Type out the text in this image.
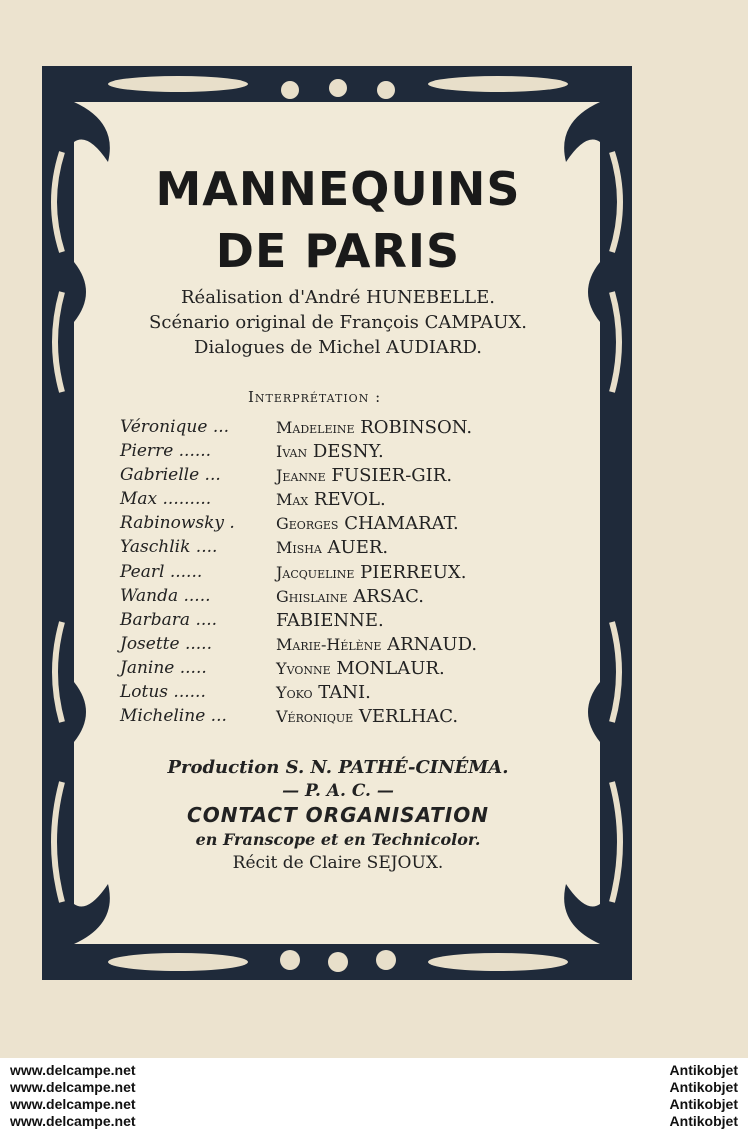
MANNEQUINS
DE PARIS
Réalisation d'André HUNEBELLE.
Scénario original de François CAMPAUX.
Dialogues de Michel AUDIARD.
Interprétation :
Véronique ...	Madeleine ROBINSON.
Pierre ......	Ivan DESNY.
Gabrielle ...	Jeanne FUSIER-GIR.
Max .........	Max REVOL.
Rabinowsky .	Georges CHAMARAT.
Yaschlik ....	Misha AUER.
Pearl ......	Jacqueline PIERREUX.
Wanda .....	Ghislaine ARSAC.
Barbara ....	FABIENNE.
Josette .....	Marie-Hélène ARNAUD.
Janine .....	Yvonne MONLAUR.
Lotus ......	Yoko TANI.
Micheline ...	Véronique VERLHAC.
Production S. N. PATHÉ-CINÉMA.
— P. A. C. —
CONTACT ORGANISATION
en Franscope et en Technicolor.
Récit de Claire SEJOUX.
www.delcampe.net
www.delcampe.net
www.delcampe.net
www.delcampe.net
Antikobjet
Antikobjet
Antikobjet
Antikobjet
